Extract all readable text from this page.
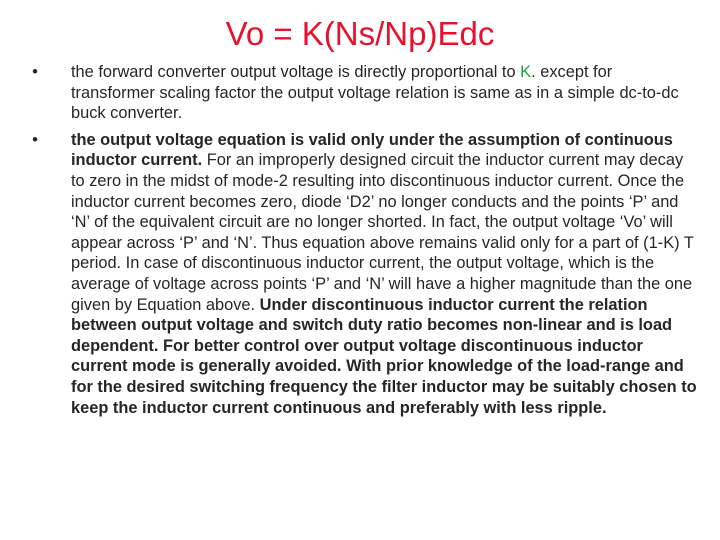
Vo = K(Ns/Np)Edc
• the forward converter output voltage is directly proportional to K. except for transformer scaling factor the output voltage relation is same as in a simple dc-to-dc buck converter.
• the output voltage equation is valid only under the assumption of continuous inductor current. For an improperly designed circuit the inductor current may decay to zero in the midst of mode-2 resulting into discontinuous inductor current. Once the inductor current becomes zero, diode ‘D2’ no longer conducts and the points ‘P’ and ‘N’ of the equivalent circuit are no longer shorted. In fact, the output voltage ‘Vo’ will appear across ‘P’ and ‘N’. Thus equation above remains valid only for a part of (1-K) T period. In case of discontinuous inductor current, the output voltage, which is the average of voltage across points ‘P’ and ‘N’ will have a higher magnitude than the one given by Equation above. Under discontinuous inductor current the relation between output voltage and switch duty ratio becomes non-linear and is load dependent. For better control over output voltage discontinuous inductor current mode is generally avoided. With prior knowledge of the load-range and for the desired switching frequency the filter inductor may be suitably chosen to keep the inductor current continuous and preferably with less ripple.
